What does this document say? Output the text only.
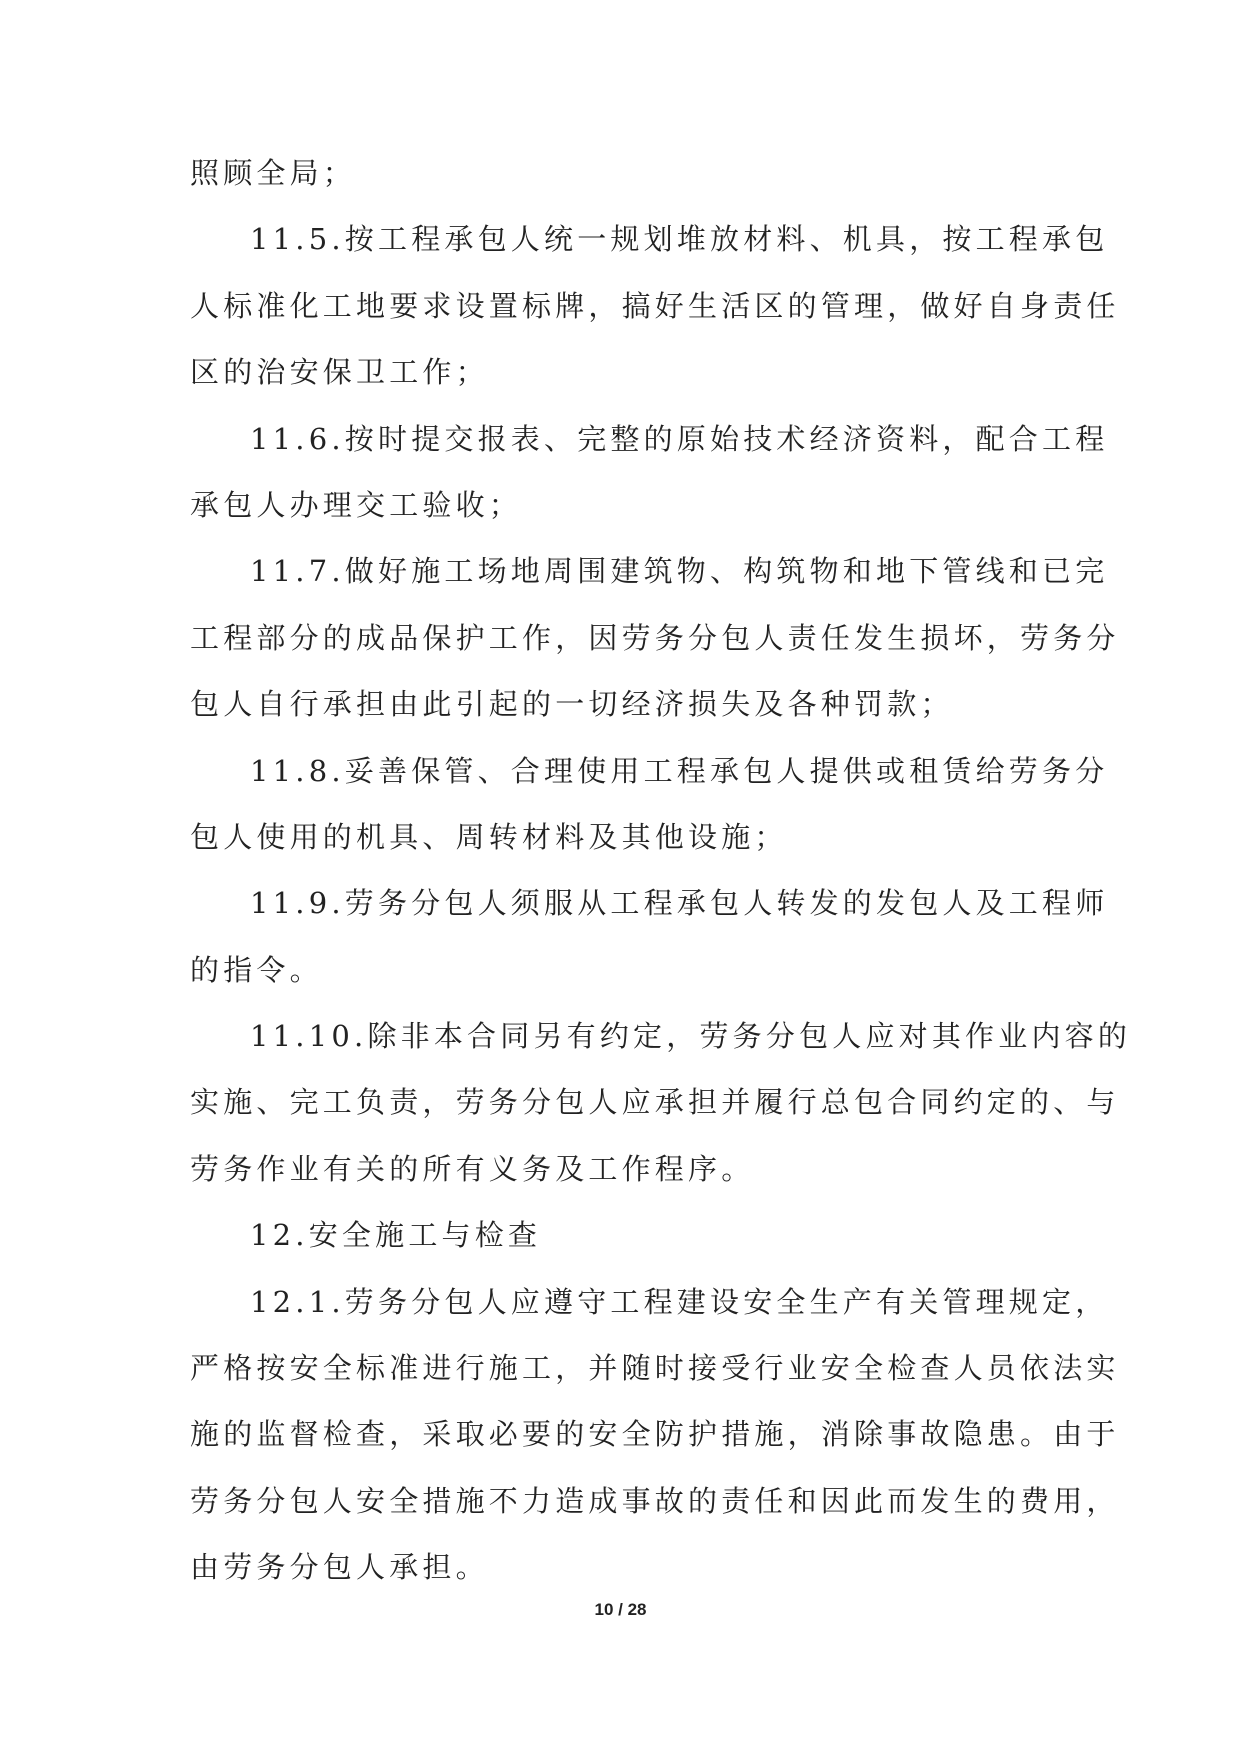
照顾全局；
11.5.按工程承包人统一规划堆放材料、机具，按工程承包
人标准化工地要求设置标牌，搞好生活区的管理，做好自身责任
区的治安保卫工作；
11.6.按时提交报表、完整的原始技术经济资料，配合工程
承包人办理交工验收；
11.7.做好施工场地周围建筑物、构筑物和地下管线和已完
工程部分的成品保护工作，因劳务分包人责任发生损坏，劳务分
包人自行承担由此引起的一切经济损失及各种罚款；
11.8.妥善保管、合理使用工程承包人提供或租赁给劳务分
包人使用的机具、周转材料及其他设施；
11.9.劳务分包人须服从工程承包人转发的发包人及工程师
的指令。
11.10.除非本合同另有约定，劳务分包人应对其作业内容的
实施、完工负责，劳务分包人应承担并履行总包合同约定的、与
劳务作业有关的所有义务及工作程序。
12.安全施工与检查
12.1.劳务分包人应遵守工程建设安全生产有关管理规定，
严格按安全标准进行施工，并随时接受行业安全检查人员依法实
施的监督检查，采取必要的安全防护措施，消除事故隐患。由于
劳务分包人安全措施不力造成事故的责任和因此而发生的费用，
由劳务分包人承担。
10 / 28
